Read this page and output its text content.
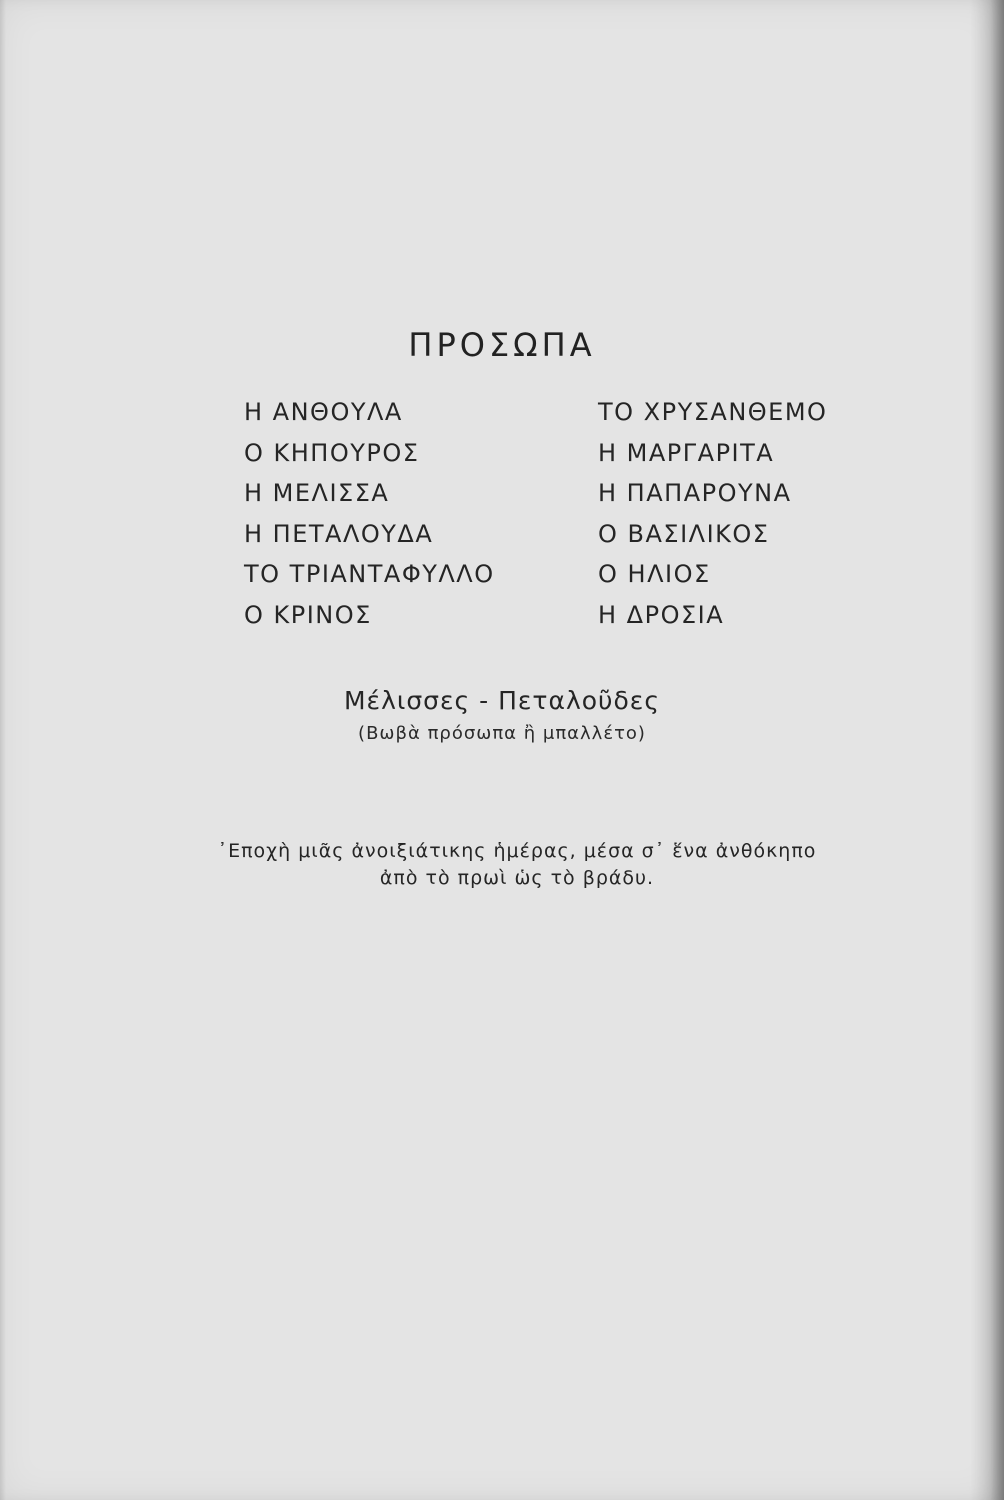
ΠΡΟΣΩΠΑ
Η ΑΝΘΟΥΛΑ
Ο ΚΗΠΟΥΡΟΣ
Η ΜΕΛΙΣΣΑ
Η ΠΕΤΑΛΟΥΔΑ
ΤΟ ΤΡΙΑΝΤΑΦΥΛΛΟ
Ο ΚΡΙΝΟΣ
ΤΟ ΧΡΥΣΑΝΘΕΜΟ
Η ΜΑΡΓΑΡΙΤΑ
Η ΠΑΠΑΡΟΥΝΑ
Ο ΒΑΣΙΛΙΚΟΣ
Ο ΗΛΙΟΣ
Η ΔΡΟΣΙΑ
Μέλισσες - Πεταλοῦδες
(Βωβὰ πρόσωπα ἢ μπαλλέτο)
᾿Εποχὴ μιᾶς ἀνοιξιάτικης ἡμέρας, μέσα σ᾿ ἕνα ἀνθόκηπο
ἀπὸ τὸ πρωὶ ὡς τὸ βράδυ.
